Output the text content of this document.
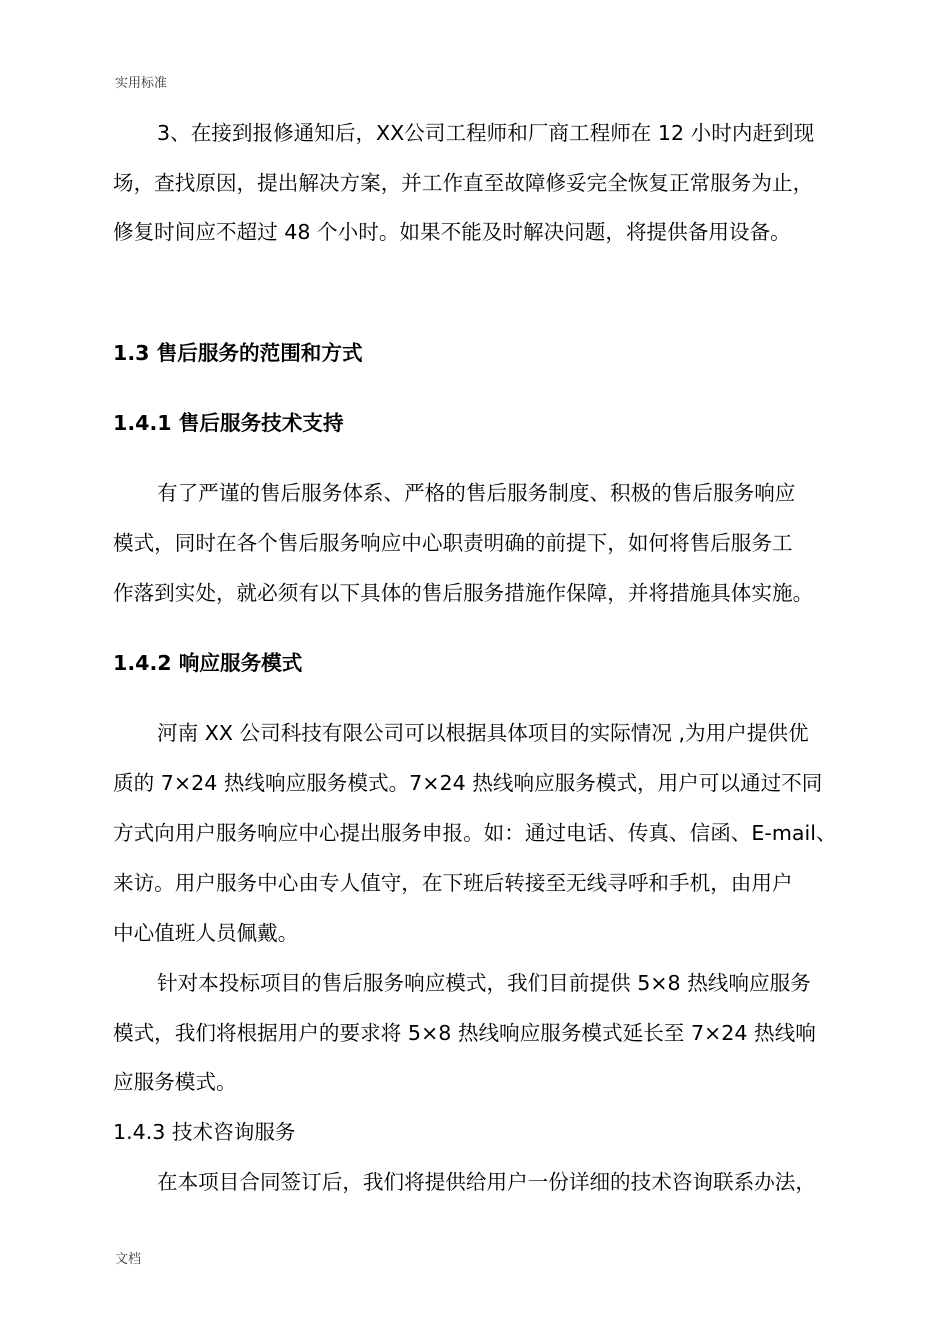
实用标准
3、在接到报修通知后，XX公司工程师和厂商工程师在 12 小时内赶到现
场，查找原因，提出解决方案，并工作直至故障修妥完全恢复正常服务为止，
修复时间应不超过 48 个小时。如果不能及时解决问题，将提供备用设备。
1.3 售后服务的范围和方式
1.4.1 售后服务技术支持
有了严谨的售后服务体系、严格的售后服务制度、积极的售后服务响应
模式，同时在各个售后服务响应中心职责明确的前提下，如何将售后服务工
作落到实处，就必须有以下具体的售后服务措施作保障，并将措施具体实施。
1.4.2 响应服务模式
河南 XX 公司科技有限公司可以根据具体项目的实际情况 ,为用户提供优
质的 7×24 热线响应服务模式。7×24 热线响应服务模式，用户可以通过不同
方式向用户服务响应中心提出服务申报。如：通过电话、传真、信函、E-mail、
来访。用户服务中心由专人值守，在下班后转接至无线寻呼和手机，由用户
中心值班人员佩戴。
针对本投标项目的售后服务响应模式，我们目前提供 5×8 热线响应服务
模式，我们将根据用户的要求将 5×8 热线响应服务模式延长至 7×24 热线响
应服务模式。
1.4.3 技术咨询服务
在本项目合同签订后，我们将提供给用户一份详细的技术咨询联系办法，
文档
